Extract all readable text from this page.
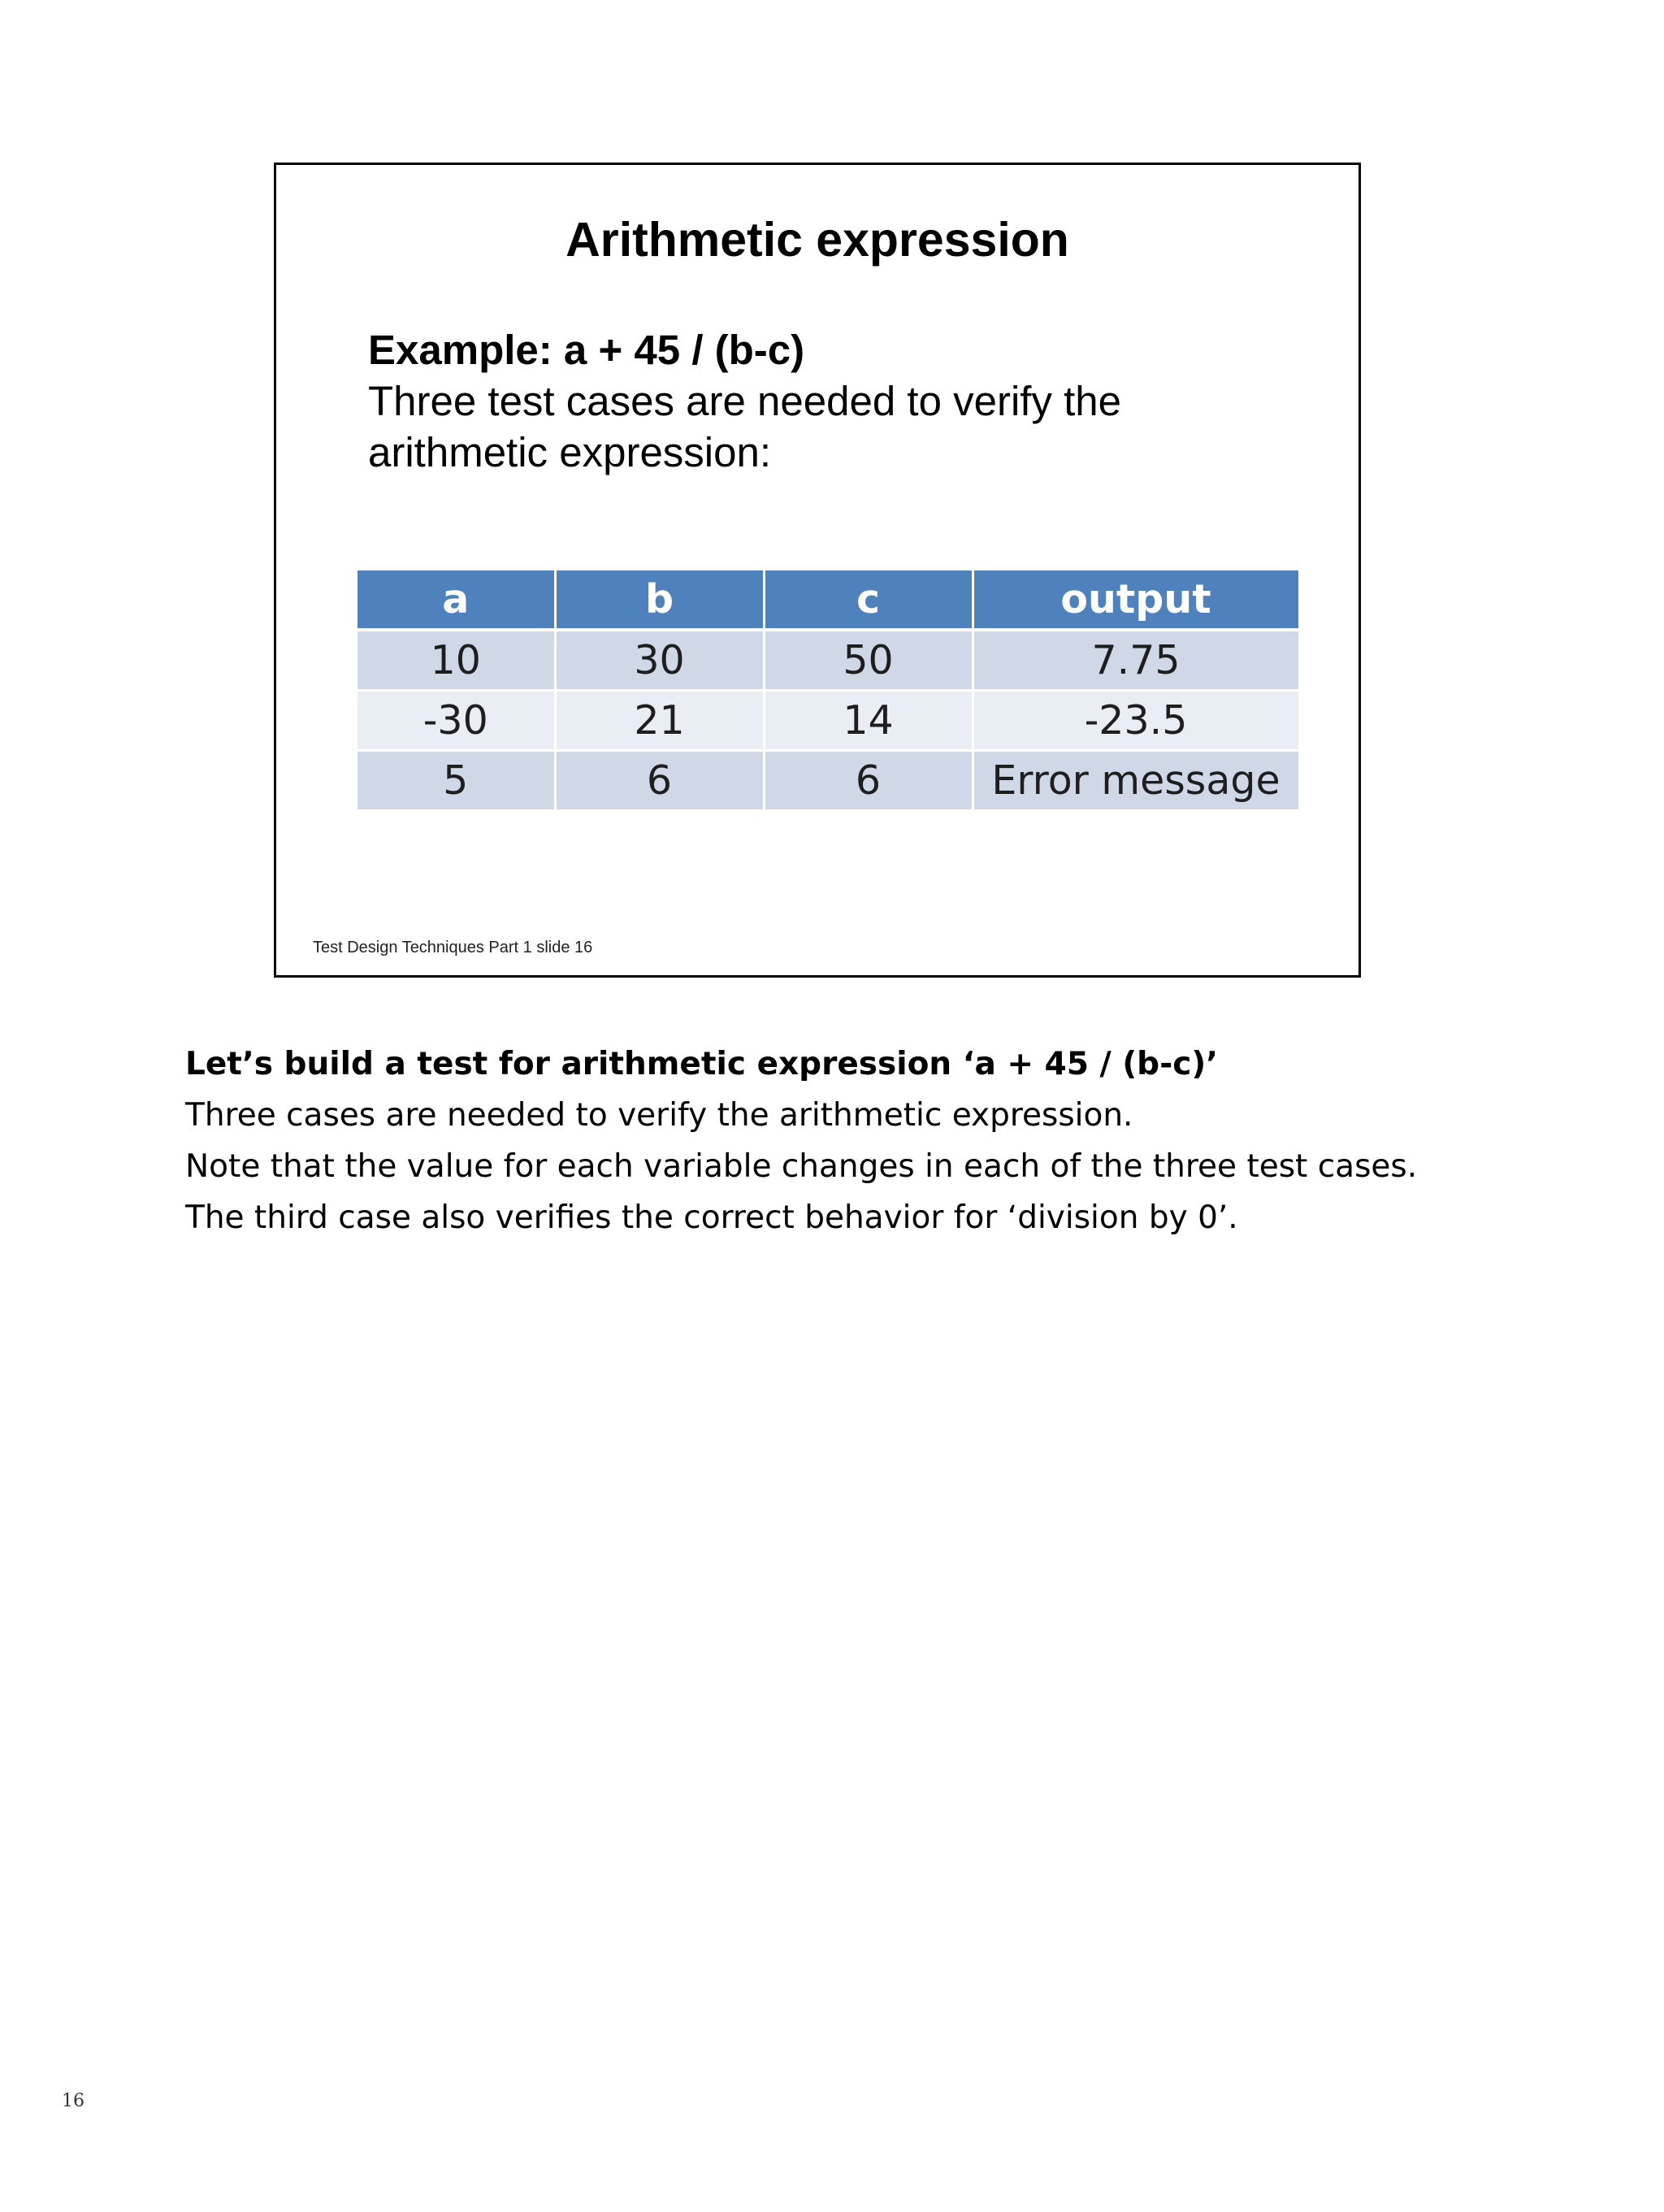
Arithmetic expression
Example: a + 45 / (b-c)
Three test cases are needed to verify the
arithmetic expression:
a	b	c	output
10	30	50	7.75
-30	21	14	-23.5
5	6	6	Error message
Test Design Techniques Part 1 slide 16

Let’s build a test for arithmetic expression ‘a + 45 / (b-c)’

Three cases are needed to verify the arithmetic expression.

Note that the value for each variable changes in each of the three test cases.

The third case also verifies the correct behavior for ‘division by 0’.

16
